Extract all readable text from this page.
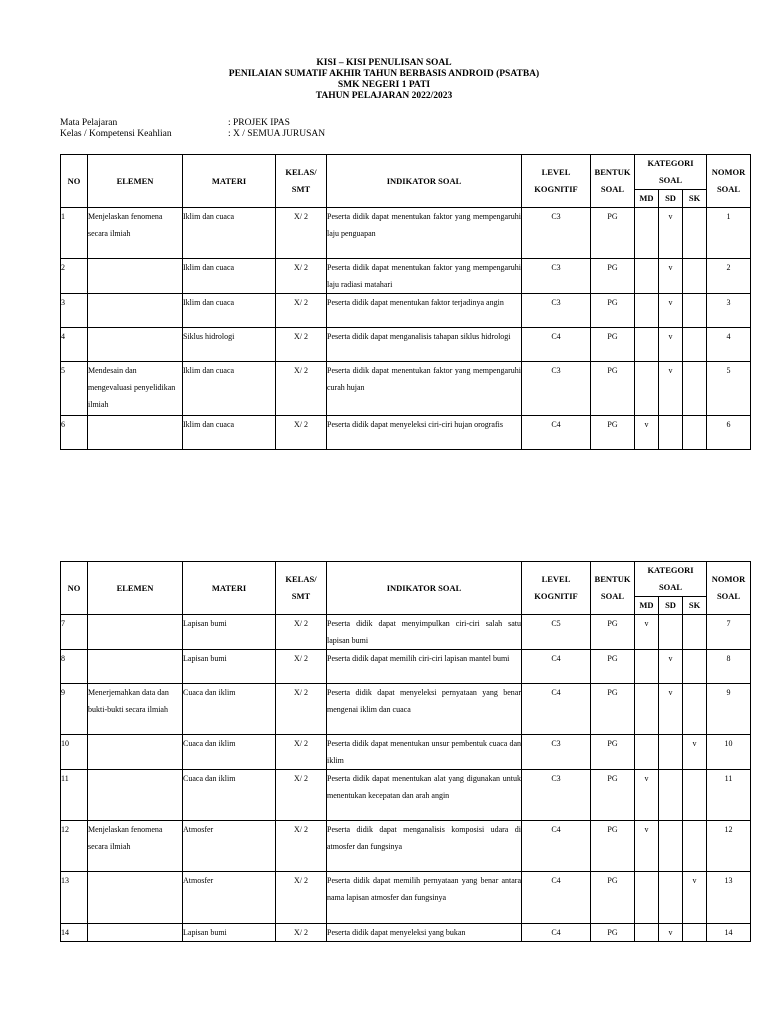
KISI – KISI PENULISAN SOAL
PENILAIAN SUMATIF AKHIR TAHUN BERBASIS ANDROID (PSATBA)
SMK NEGERI 1 PATI
TAHUN PELAJARAN 2022/2023
Mata Pelajaran	: PROJEK IPAS
Kelas / Kompetensi Keahlian	: X / SEMUA JURUSAN
NO	ELEMEN	MATERI	KELAS/ SMT	INDIKATOR SOAL	LEVEL KOGNITIF	BENTUK SOAL	KATEGORI SOAL			NOMOR SOAL
							MD	SD	SK	
1	Menjelaskan fenomena secara ilmiah	Iklim dan cuaca	X/ 2	Peserta didik dapat menentukan faktor yang mempengaruhi laju penguapan	C3	PG		v		1
2		Iklim dan cuaca	X/ 2	Peserta didik dapat menentukan faktor yang mempengaruhi laju radiasi matahari	C3	PG		v		2
3		Iklim dan cuaca	X/ 2	Peserta didik dapat menentukan faktor terjadinya angin	C3	PG		v		3
4		Siklus hidrologi	X/ 2	Peserta didik dapat menganalisis tahapan siklus hidrologi	C4	PG		v		4
5	Mendesain dan mengevaluasi penyelidikan ilmiah	Iklim dan cuaca	X/ 2	Peserta didik dapat menentukan faktor yang mempengaruhi curah hujan	C3	PG		v		5
6		Iklim dan cuaca	X/ 2	Peserta didik dapat menyeleksi ciri-ciri hujan orografis	C4	PG	v			6
NO	ELEMEN	MATERI	KELAS/ SMT	INDIKATOR SOAL	LEVEL KOGNITIF	BENTUK SOAL	KATEGORI SOAL			NOMOR SOAL
							MD	SD	SK	
7		Lapisan bumi	X/ 2	Peserta didik dapat menyimpulkan ciri-ciri salah satu lapisan bumi	C5	PG	v			7
8		Lapisan bumi	X/ 2	Peserta didik dapat memilih ciri-ciri lapisan mantel bumi	C4	PG		v		8
9	Menerjemahkan data dan bukti-bukti secara ilmiah	Cuaca dan iklim	X/ 2	Peserta didik dapat menyeleksi pernyataan yang benar mengenai iklim dan cuaca	C4	PG		v		9
10		Cuaca dan iklim	X/ 2	Peserta didik dapat menentukan unsur pembentuk cuaca dan iklim	C3	PG			v	10
11		Cuaca dan iklim	X/ 2	Peserta didik dapat menentukan alat yang digunakan untuk menentukan kecepatan dan arah angin	C3	PG	v			11
12	Menjelaskan fenomena secara ilmiah	Atmosfer	X/ 2	Peserta didik dapat menganalisis komposisi udara di atmosfer dan fungsinya	C4	PG	v			12
13		Atmosfer	X/ 2	Peserta didik dapat memilih pernyataan yang benar antara nama lapisan atmosfer dan fungsinya	C4	PG			v	13
14		Lapisan bumi	X/ 2	Peserta didik dapat menyeleksi yang bukan	C4	PG		v		14
